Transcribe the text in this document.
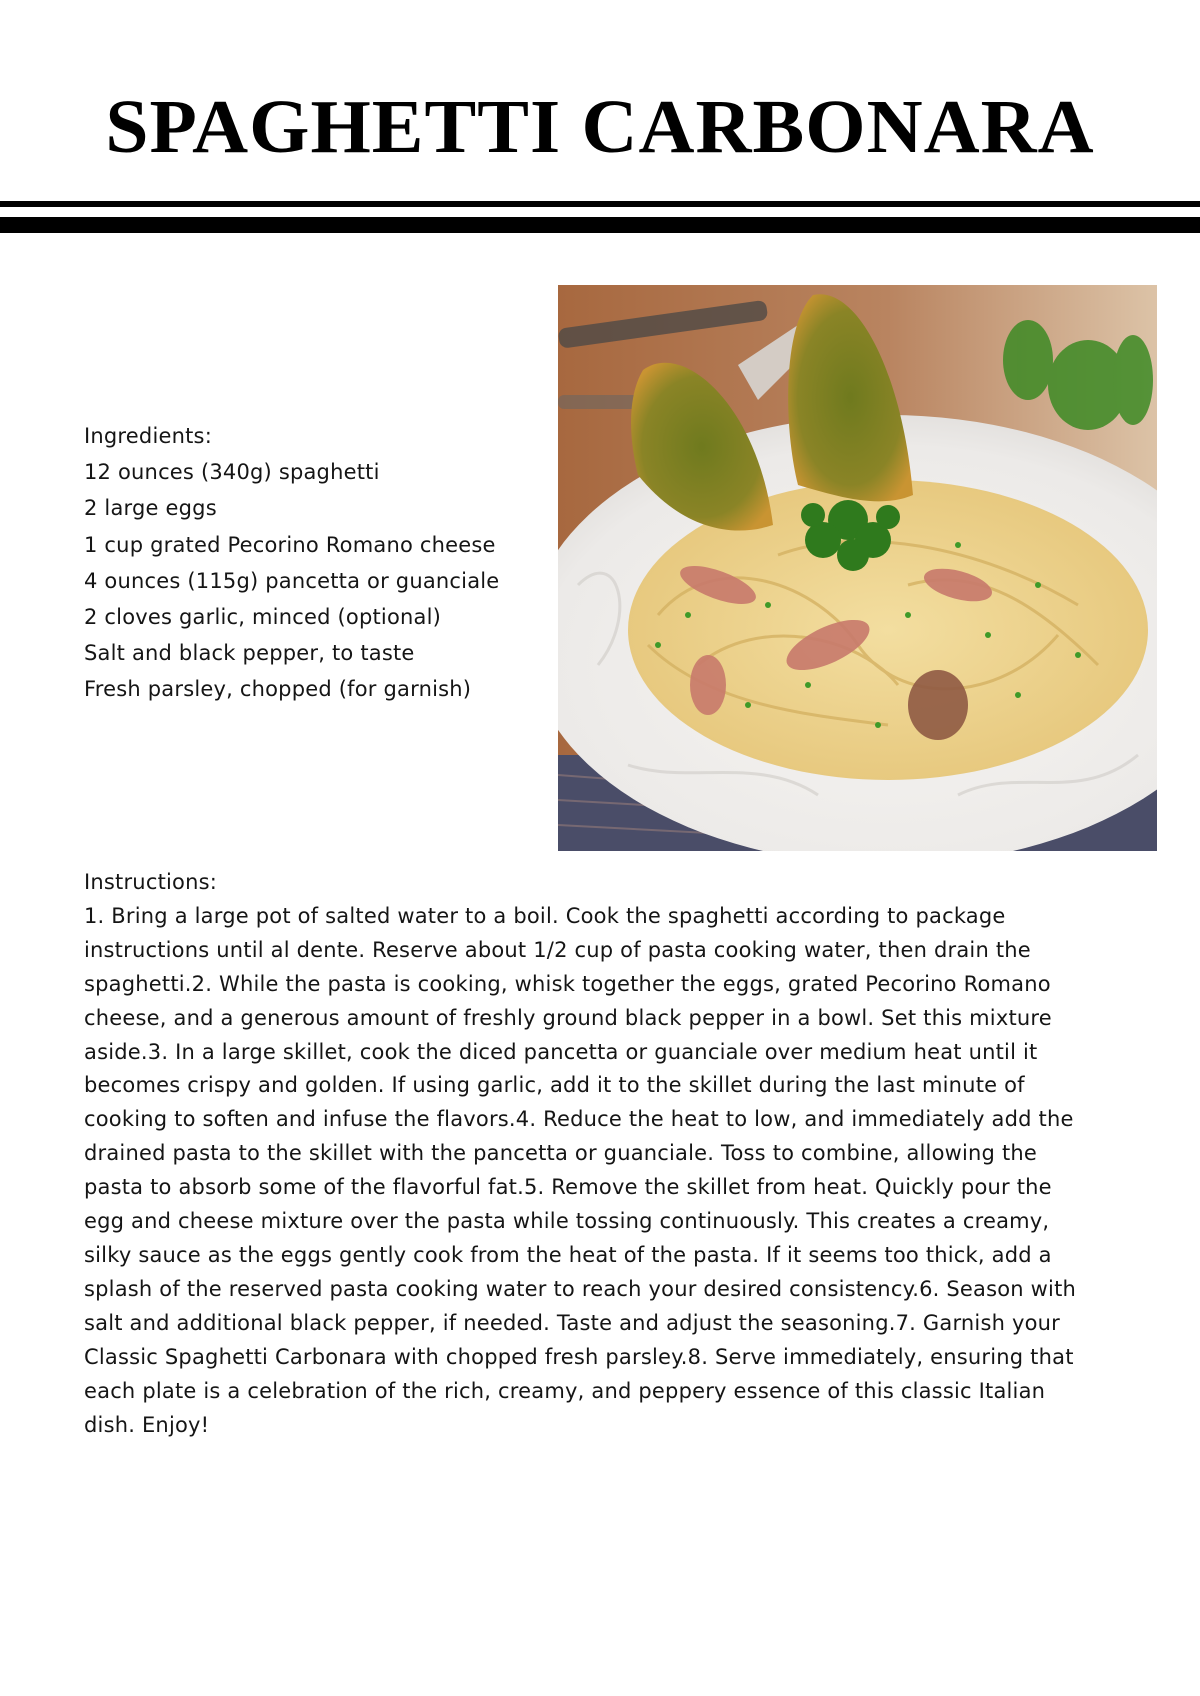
SPAGHETTI CARBONARA
Ingredients:
12 ounces (340g) spaghetti
2 large eggs
1 cup grated Pecorino Romano cheese
4 ounces (115g) pancetta or guanciale
2 cloves garlic, minced (optional)
Salt and black pepper, to taste
Fresh parsley, chopped (for garnish)
Instructions:
1. Bring a large pot of salted water to a boil. Cook the spaghetti according to package
instructions until al dente. Reserve about 1/2 cup of pasta cooking water, then drain the
spaghetti.2. While the pasta is cooking, whisk together the eggs, grated Pecorino Romano
cheese, and a generous amount of freshly ground black pepper in a bowl. Set this mixture
aside.3. In a large skillet, cook the diced pancetta or guanciale over medium heat until it
becomes crispy and golden. If using garlic, add it to the skillet during the last minute of
cooking to soften and infuse the flavors.4. Reduce the heat to low, and immediately add the
drained pasta to the skillet with the pancetta or guanciale. Toss to combine, allowing the
pasta to absorb some of the flavorful fat.5. Remove the skillet from heat. Quickly pour the
egg and cheese mixture over the pasta while tossing continuously. This creates a creamy,
silky sauce as the eggs gently cook from the heat of the pasta. If it seems too thick, add a
splash of the reserved pasta cooking water to reach your desired consistency.6. Season with
salt and additional black pepper, if needed. Taste and adjust the seasoning.7. Garnish your
Classic Spaghetti Carbonara with chopped fresh parsley.8. Serve immediately, ensuring that
each plate is a celebration of the rich, creamy, and peppery essence of this classic Italian
dish. Enjoy!
